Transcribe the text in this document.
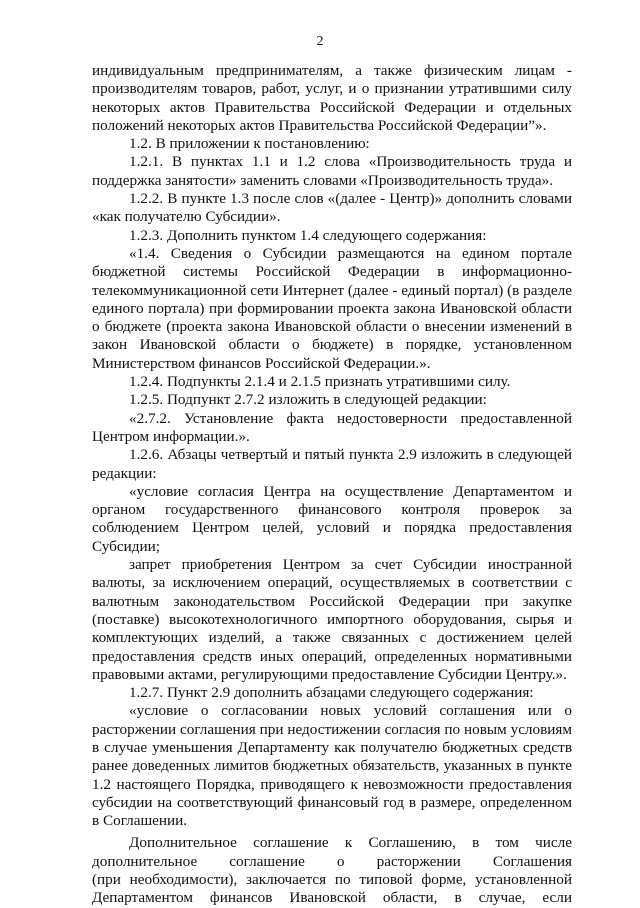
2
индивидуальным предпринимателям, а также физическим лицам -
производителям товаров, работ, услуг, и о признании утратившими силу
некоторых актов Правительства Российской Федерации и отдельных
положений некоторых актов Правительства Российской Федерации”».
1.2. В приложении к постановлению:
1.2.1. В пунктах 1.1 и 1.2 слова «Производительность труда и
поддержка занятости» заменить словами «Производительность труда».
1.2.2. В пункте 1.3 после слов «(далее - Центр)» дополнить словами
«как получателю Субсидии».
1.2.3. Дополнить пунктом 1.4 следующего содержания:
«1.4. Сведения о Субсидии размещаются на едином портале
бюджетной системы Российской Федерации в информационно-
телекоммуникационной сети Интернет (далее - единый портал) (в разделе
единого портала) при формировании проекта закона Ивановской области
о бюджете (проекта закона Ивановской области о внесении изменений в
закон Ивановской области о бюджете) в порядке, установленном
Министерством финансов Российской Федерации.».
1.2.4. Подпункты 2.1.4 и 2.1.5 признать утратившими силу.
1.2.5. Подпункт 2.7.2 изложить в следующей редакции:
«2.7.2. Установление факта недостоверности предоставленной
Центром информации.».
1.2.6. Абзацы четвертый и пятый пункта 2.9 изложить в следующей
редакции:
«условие согласия Центра на осуществление Департаментом и
органом государственного финансового контроля проверок за
соблюдением Центром целей, условий и порядка предоставления
Субсидии;
запрет приобретения Центром за счет Субсидии иностранной
валюты, за исключением операций, осуществляемых в соответствии с
валютным законодательством Российской Федерации при закупке
(поставке) высокотехнологичного импортного оборудования, сырья и
комплектующих изделий, а также связанных с достижением целей
предоставления средств иных операций, определенных нормативными
правовыми актами, регулирующими предоставление Субсидии Центру.».
1.2.7. Пункт 2.9 дополнить абзацами следующего содержания:
«условие о согласовании новых условий соглашения или о
расторжении соглашения при недостижении согласия по новым условиям
в случае уменьшения Департаменту как получателю бюджетных средств
ранее доведенных лимитов бюджетных обязательств, указанных в пункте
1.2 настоящего Порядка, приводящего к невозможности предоставления
субсидии на соответствующий финансовый год в размере, определенном
в Соглашении.
Дополнительное соглашение к Соглашению, в том числе
дополнительное соглашение о расторжении Соглашения
(при необходимости), заключается по типовой форме, установленной
Департаментом финансов Ивановской области, в случае, если
